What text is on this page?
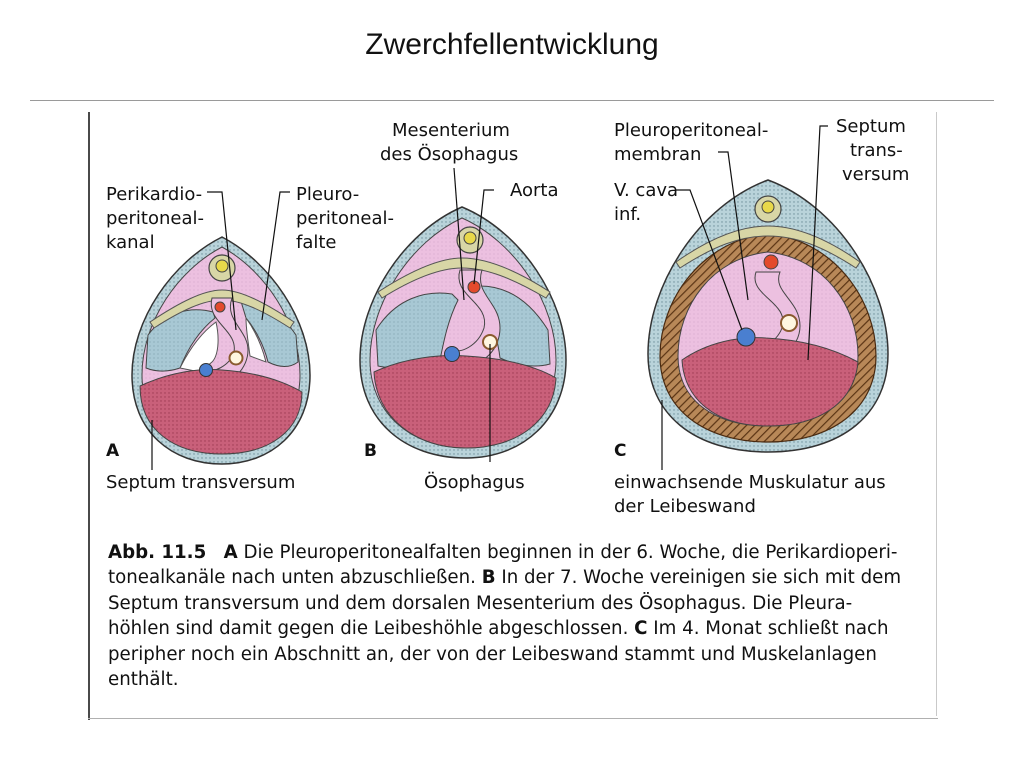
Zwerchfellentwicklung
Perikardio- peritoneal- kanal
Pleuro- peritoneal- falte
A
Septum transversum
Mesenterium des Ösophagus
Aorta
B
Ösophagus
Pleuroperitoneal- membran
Septum trans- versum
V. cava inf.
C
einwachsende Muskulatur aus der Leibeswand
Abb. 11.5 A Die Pleuroperitonealfalten beginnen in der 6. Woche, die Perikardioperi-
tonealkanäle nach unten abzuschließen. B In der 7. Woche vereinigen sie sich mit dem
Septum transversum und dem dorsalen Mesenterium des Ösophagus. Die Pleura-
höhlen sind damit gegen die Leibeshöhle abgeschlossen. C Im 4. Monat schließt nach
peripher noch ein Abschnitt an, der von der Leibeswand stammt und Muskelanlagen
enthält.
